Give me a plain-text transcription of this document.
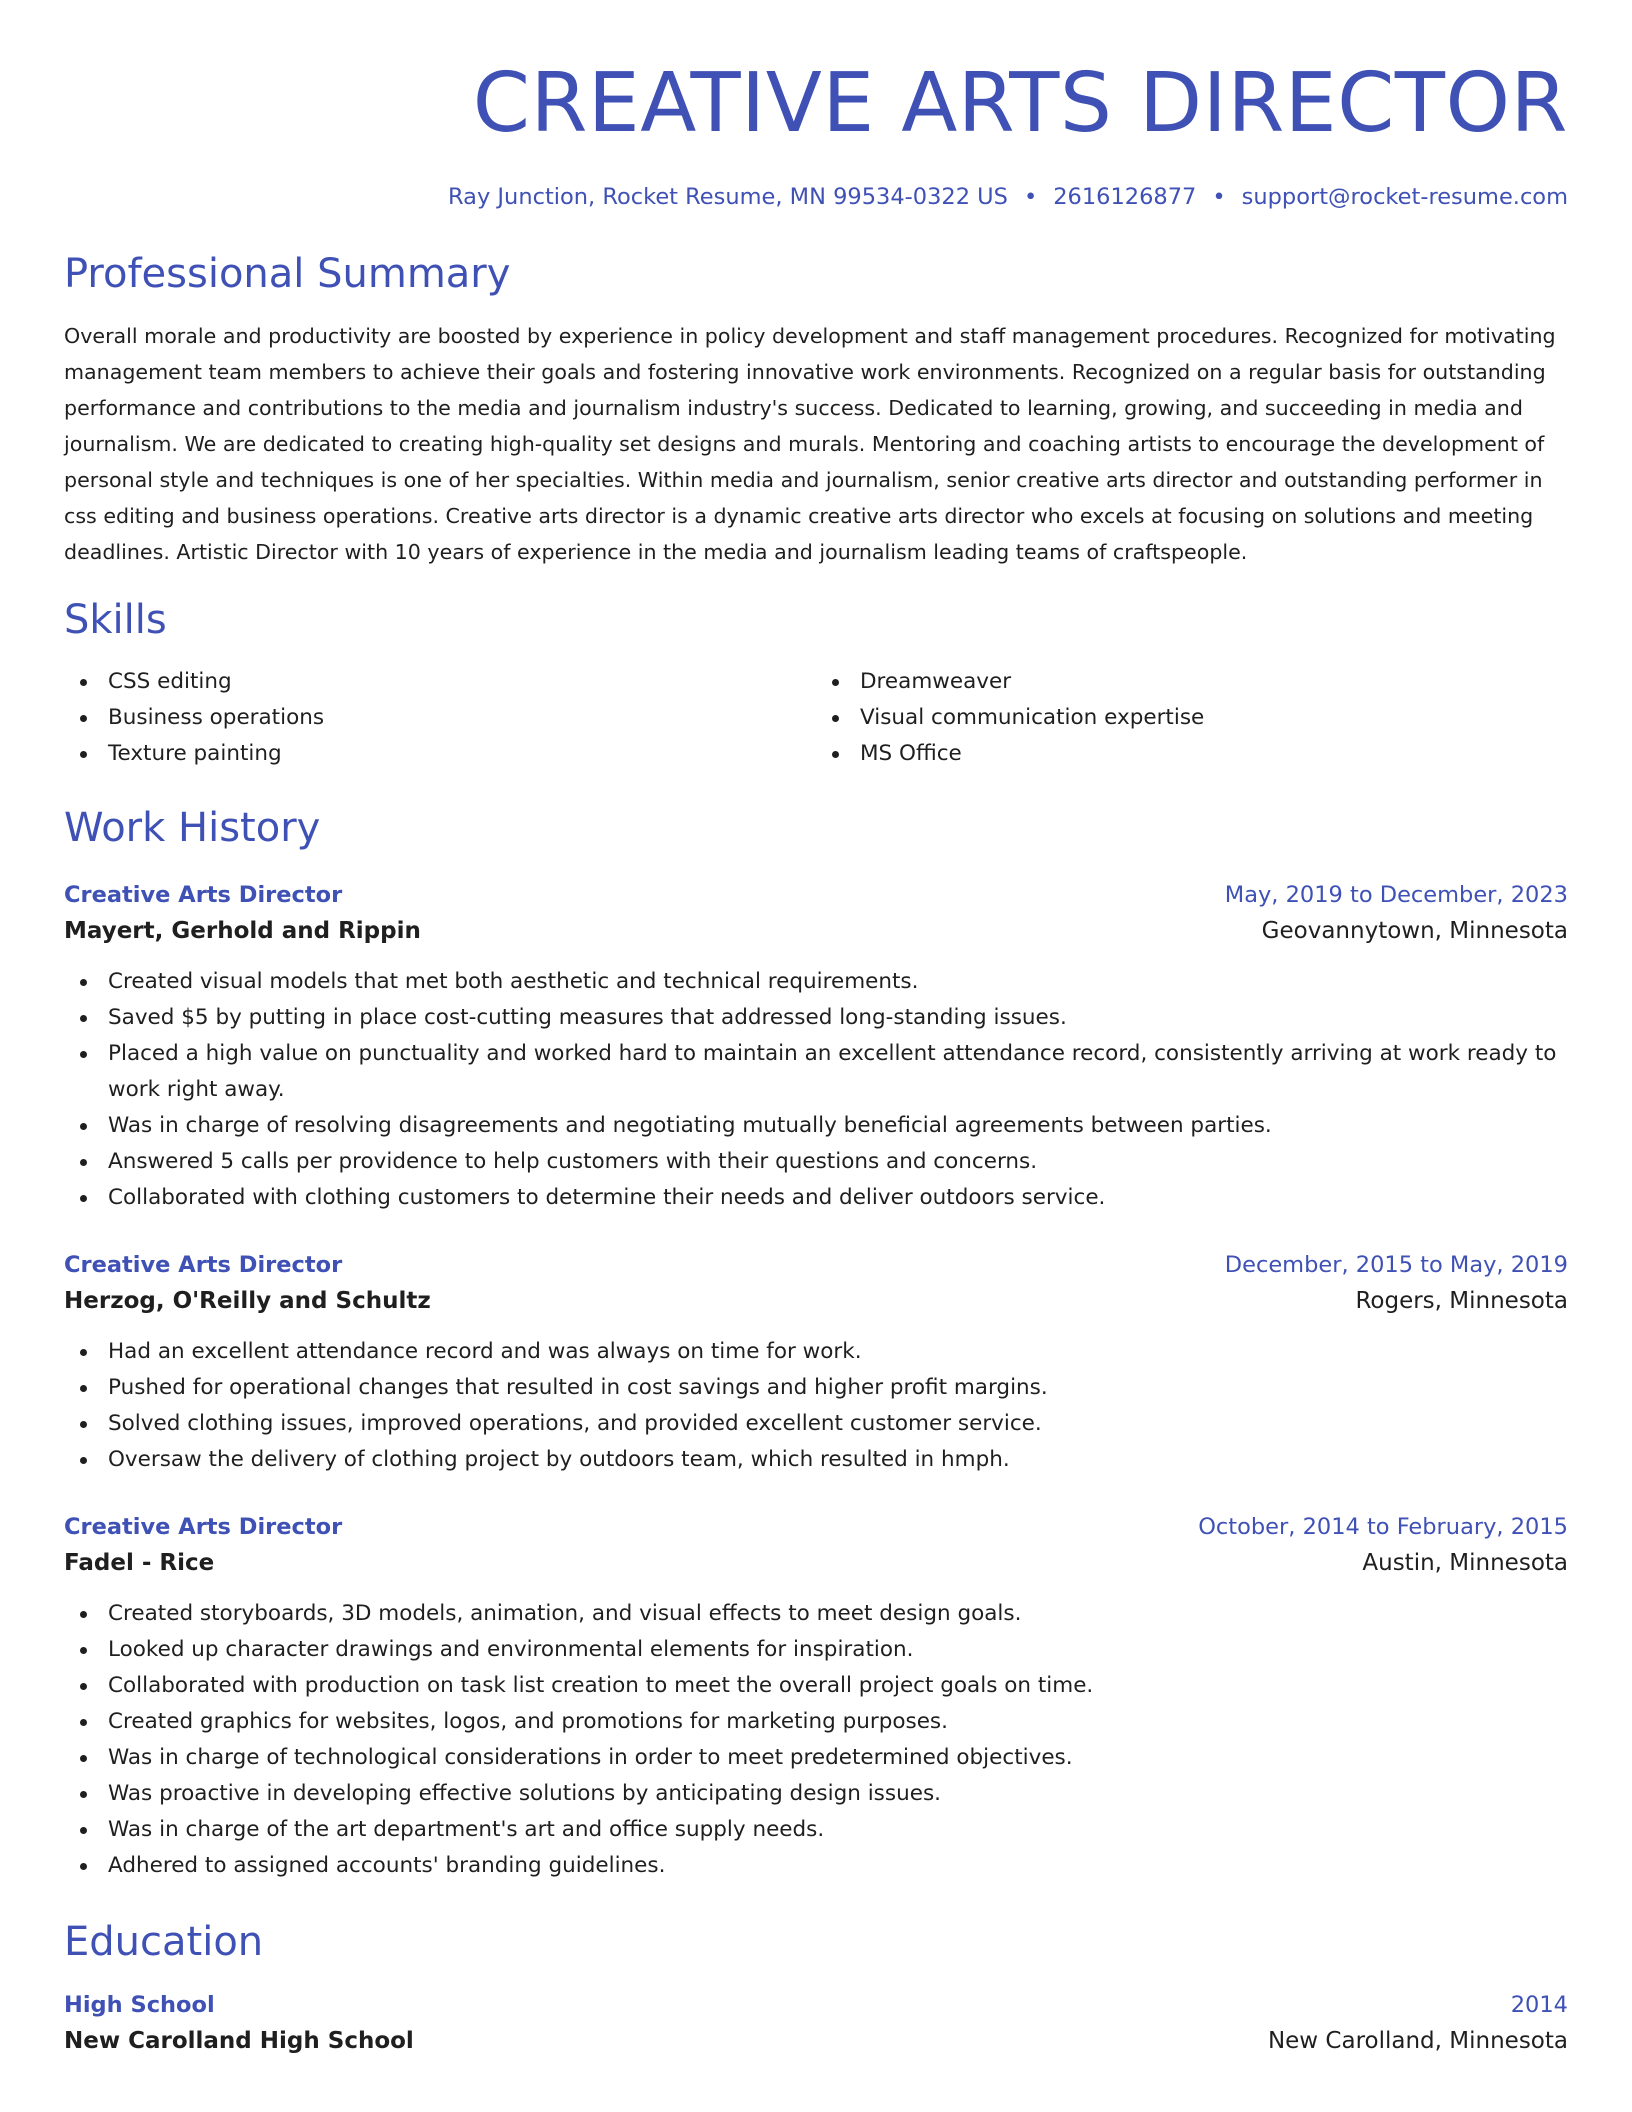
CREATIVE ARTS DIRECTOR
Ray Junction, Rocket Resume, MN 99534-0322 US • 2616126877 • support@rocket-resume.com
Professional Summary
Overall morale and productivity are boosted by experience in policy development and staff management procedures. Recognized for motivating management team members to achieve their goals and fostering innovative work environments. Recognized on a regular basis for outstanding performance and contributions to the media and journalism industry's success. Dedicated to learning, growing, and succeeding in media and journalism. We are dedicated to creating high-quality set designs and murals. Mentoring and coaching artists to encourage the development of personal style and techniques is one of her specialties. Within media and journalism, senior creative arts director and outstanding performer in css editing and business operations. Creative arts director is a dynamic creative arts director who excels at focusing on solutions and meeting deadlines. Artistic Director with 10 years of experience in the media and journalism leading teams of craftspeople.
Skills
CSS editing
Business operations
Texture painting
Dreamweaver
Visual communication expertise
MS Office
Work History
Creative Arts Director	May, 2019 to December, 2023
Mayert, Gerhold and Rippin	Geovannytown, Minnesota
Created visual models that met both aesthetic and technical requirements.
Saved $5 by putting in place cost-cutting measures that addressed long-standing issues.
Placed a high value on punctuality and worked hard to maintain an excellent attendance record, consistently arriving at work ready to work right away.
Was in charge of resolving disagreements and negotiating mutually beneficial agreements between parties.
Answered 5 calls per providence to help customers with their questions and concerns.
Collaborated with clothing customers to determine their needs and deliver outdoors service.
Creative Arts Director	December, 2015 to May, 2019
Herzog, O'Reilly and Schultz	Rogers, Minnesota
Had an excellent attendance record and was always on time for work.
Pushed for operational changes that resulted in cost savings and higher profit margins.
Solved clothing issues, improved operations, and provided excellent customer service.
Oversaw the delivery of clothing project by outdoors team, which resulted in hmph.
Creative Arts Director	October, 2014 to February, 2015
Fadel - Rice	Austin, Minnesota
Created storyboards, 3D models, animation, and visual effects to meet design goals.
Looked up character drawings and environmental elements for inspiration.
Collaborated with production on task list creation to meet the overall project goals on time.
Created graphics for websites, logos, and promotions for marketing purposes.
Was in charge of technological considerations in order to meet predetermined objectives.
Was proactive in developing effective solutions by anticipating design issues.
Was in charge of the art department's art and office supply needs.
Adhered to assigned accounts' branding guidelines.
Education
High School	2014
New Carolland High School	New Carolland, Minnesota
